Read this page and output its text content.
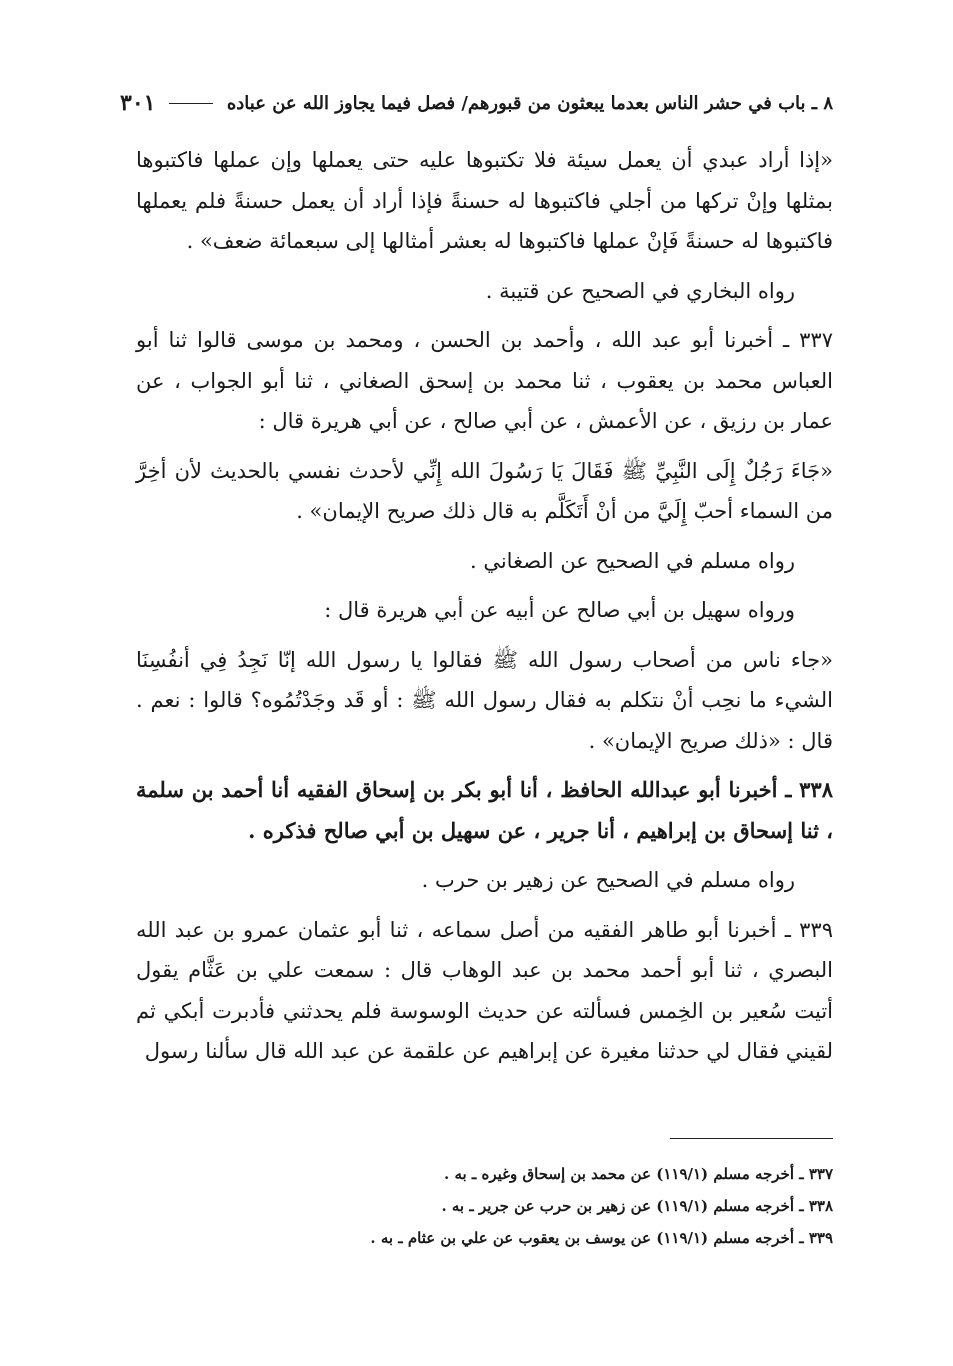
٨ ـ باب في حشر الناس بعدما يبعثون من قبورهم/ فصل فيما يجاوز الله عن عباده
٣٠١

«إذا أراد عبدي أن يعمل سيئة فلا تكتبوها عليه حتى يعملها وإن عملها فاكتبوها بمثلها وإنْ تركها من أجلي فاكتبوها له حسنةً فإذا أراد أن يعمل حسنةً فلم يعملها فاكتبوها له حسنةً فَإنْ عملها فاكتبوها له بعشر أمثالها إلى سبعمائة ضعف» .

رواه البخاري في الصحيح عن قتيبة .

٣٣٧ ـ أخبرنا أبو عبد الله ، وأحمد بن الحسن ، ومحمد بن موسى قالوا ثنا أبو العباس محمد بن يعقوب ، ثنا محمد بن إسحق الصغاني ، ثنا أبو الجواب ، عن عمار بن رزيق ، عن الأعمش ، عن أبي صالح ، عن أبي هريرة قال :

«جَاءَ رَجُلٌ إِلَى النَّبِيِّ ﷺ فَقَالَ يَا رَسُولَ الله إِنِّي لأحدث نفسي بالحديث لأن أخِرَّ من السماء أحبّ إِلَيَّ من أنْ أَتَكَلَّم به قال ذلك صريح الإيمان» .

رواه مسلم في الصحيح عن الصغاني .

ورواه سهيل بن أبي صالح عن أبيه عن أبي هريرة قال :

«جاء ناس من أصحاب رسول الله ﷺ فقالوا يا رسول الله إنّا نَجِدُ فِي أنفُسِنَا الشيء ما نحِب أنْ نتكلم به فقال رسول الله ﷺ : أو قَد وجَدْتُمُوه؟ قالوا : نعم . قال : «ذلك صريح الإيمان» .

٣٣٨ ـ أخبرنا أبو عبدالله الحافظ ، أنا أبو بكر بن إسحاق الفقيه أنا أحمد بن سلمة ، ثنا إسحاق بن إبراهيم ، أنا جرير ، عن سهيل بن أبي صالح فذكره .

رواه مسلم في الصحيح عن زهير بن حرب .

٣٣٩ ـ أخبرنا أبو طاهر الفقيه من أصل سماعه ، ثنا أبو عثمان عمرو بن عبد الله البصري ، ثنا أبو أحمد محمد بن عبد الوهاب قال : سمعت علي بن عَثَّام يقول أتيت سُعير بن الخِمس فسألته عن حديث الوسوسة فلم يحدثني فأدبرت أبكي ثم لقيني فقال لي حدثنا مغيرة عن إبراهيم عن علقمة عن عبد الله قال سألنا رسول

٣٣٧ ـ أخرجه مسلم (١١٩/١) عن محمد بن إسحاق وغيره ـ به .
٣٣٨ ـ أخرجه مسلم (١١٩/١) عن زهير بن حرب عن جرير ـ به .
٣٣٩ ـ أخرجه مسلم (١١٩/١) عن يوسف بن يعقوب عن علي بن عثام ـ به .
